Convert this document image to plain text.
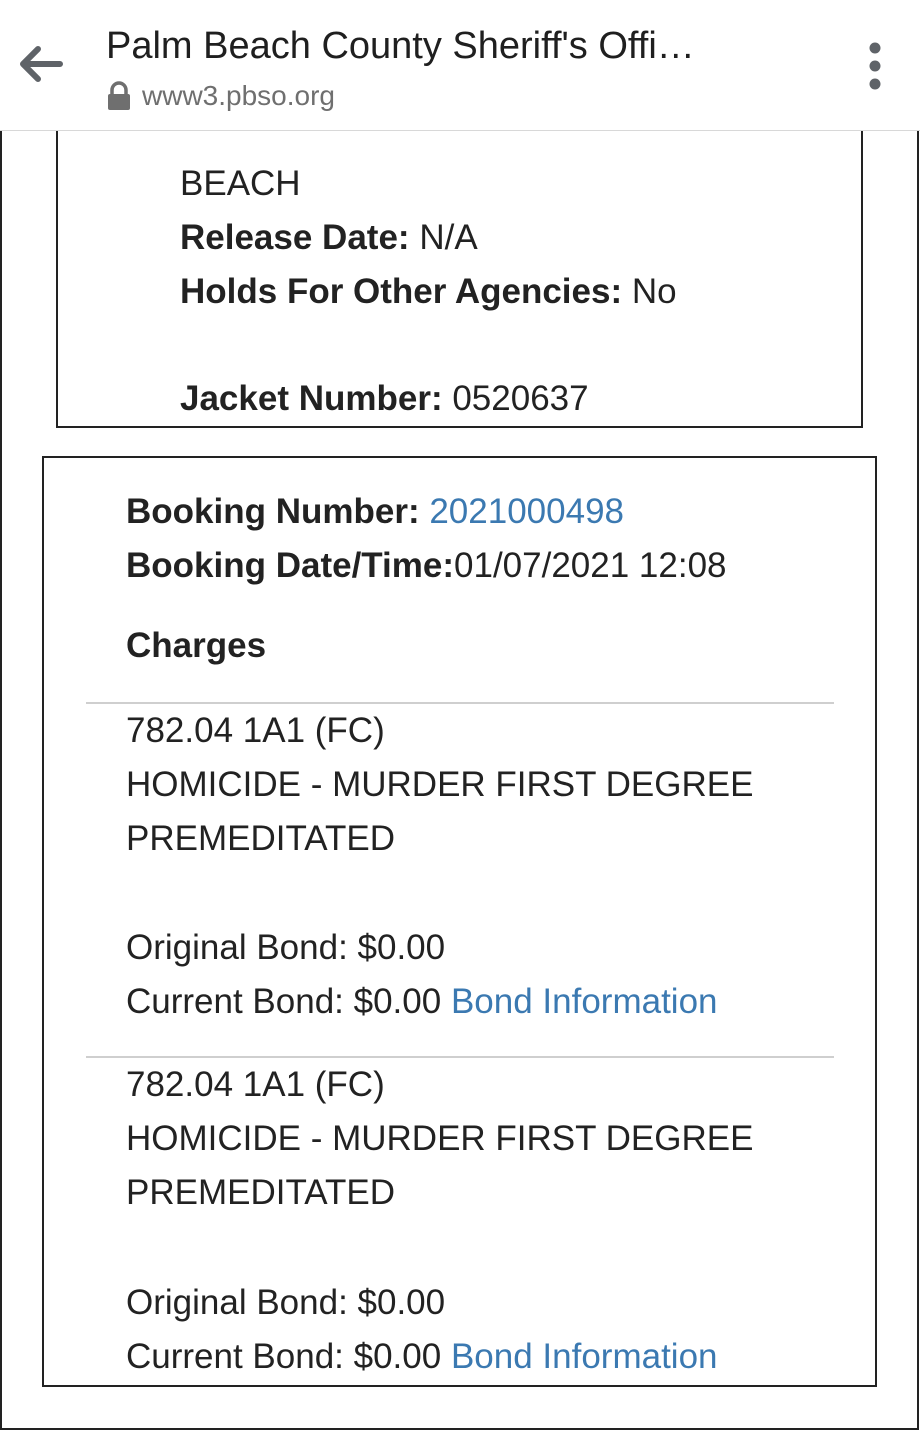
Palm Beach County Sheriff's Offi…
www3.pbso.org
BEACH
Release Date: N/A
Holds For Other Agencies: No
Jacket Number: 0520637
Booking Number: 2021000498
Booking Date/Time:01/07/2021 12:08
Charges
782.04 1A1 (FC)
HOMICIDE - MURDER FIRST DEGREE
PREMEDITATED
Original Bond: $0.00
Current Bond: $0.00 Bond Information
782.04 1A1 (FC)
HOMICIDE - MURDER FIRST DEGREE
PREMEDITATED
Original Bond: $0.00
Current Bond: $0.00 Bond Information
